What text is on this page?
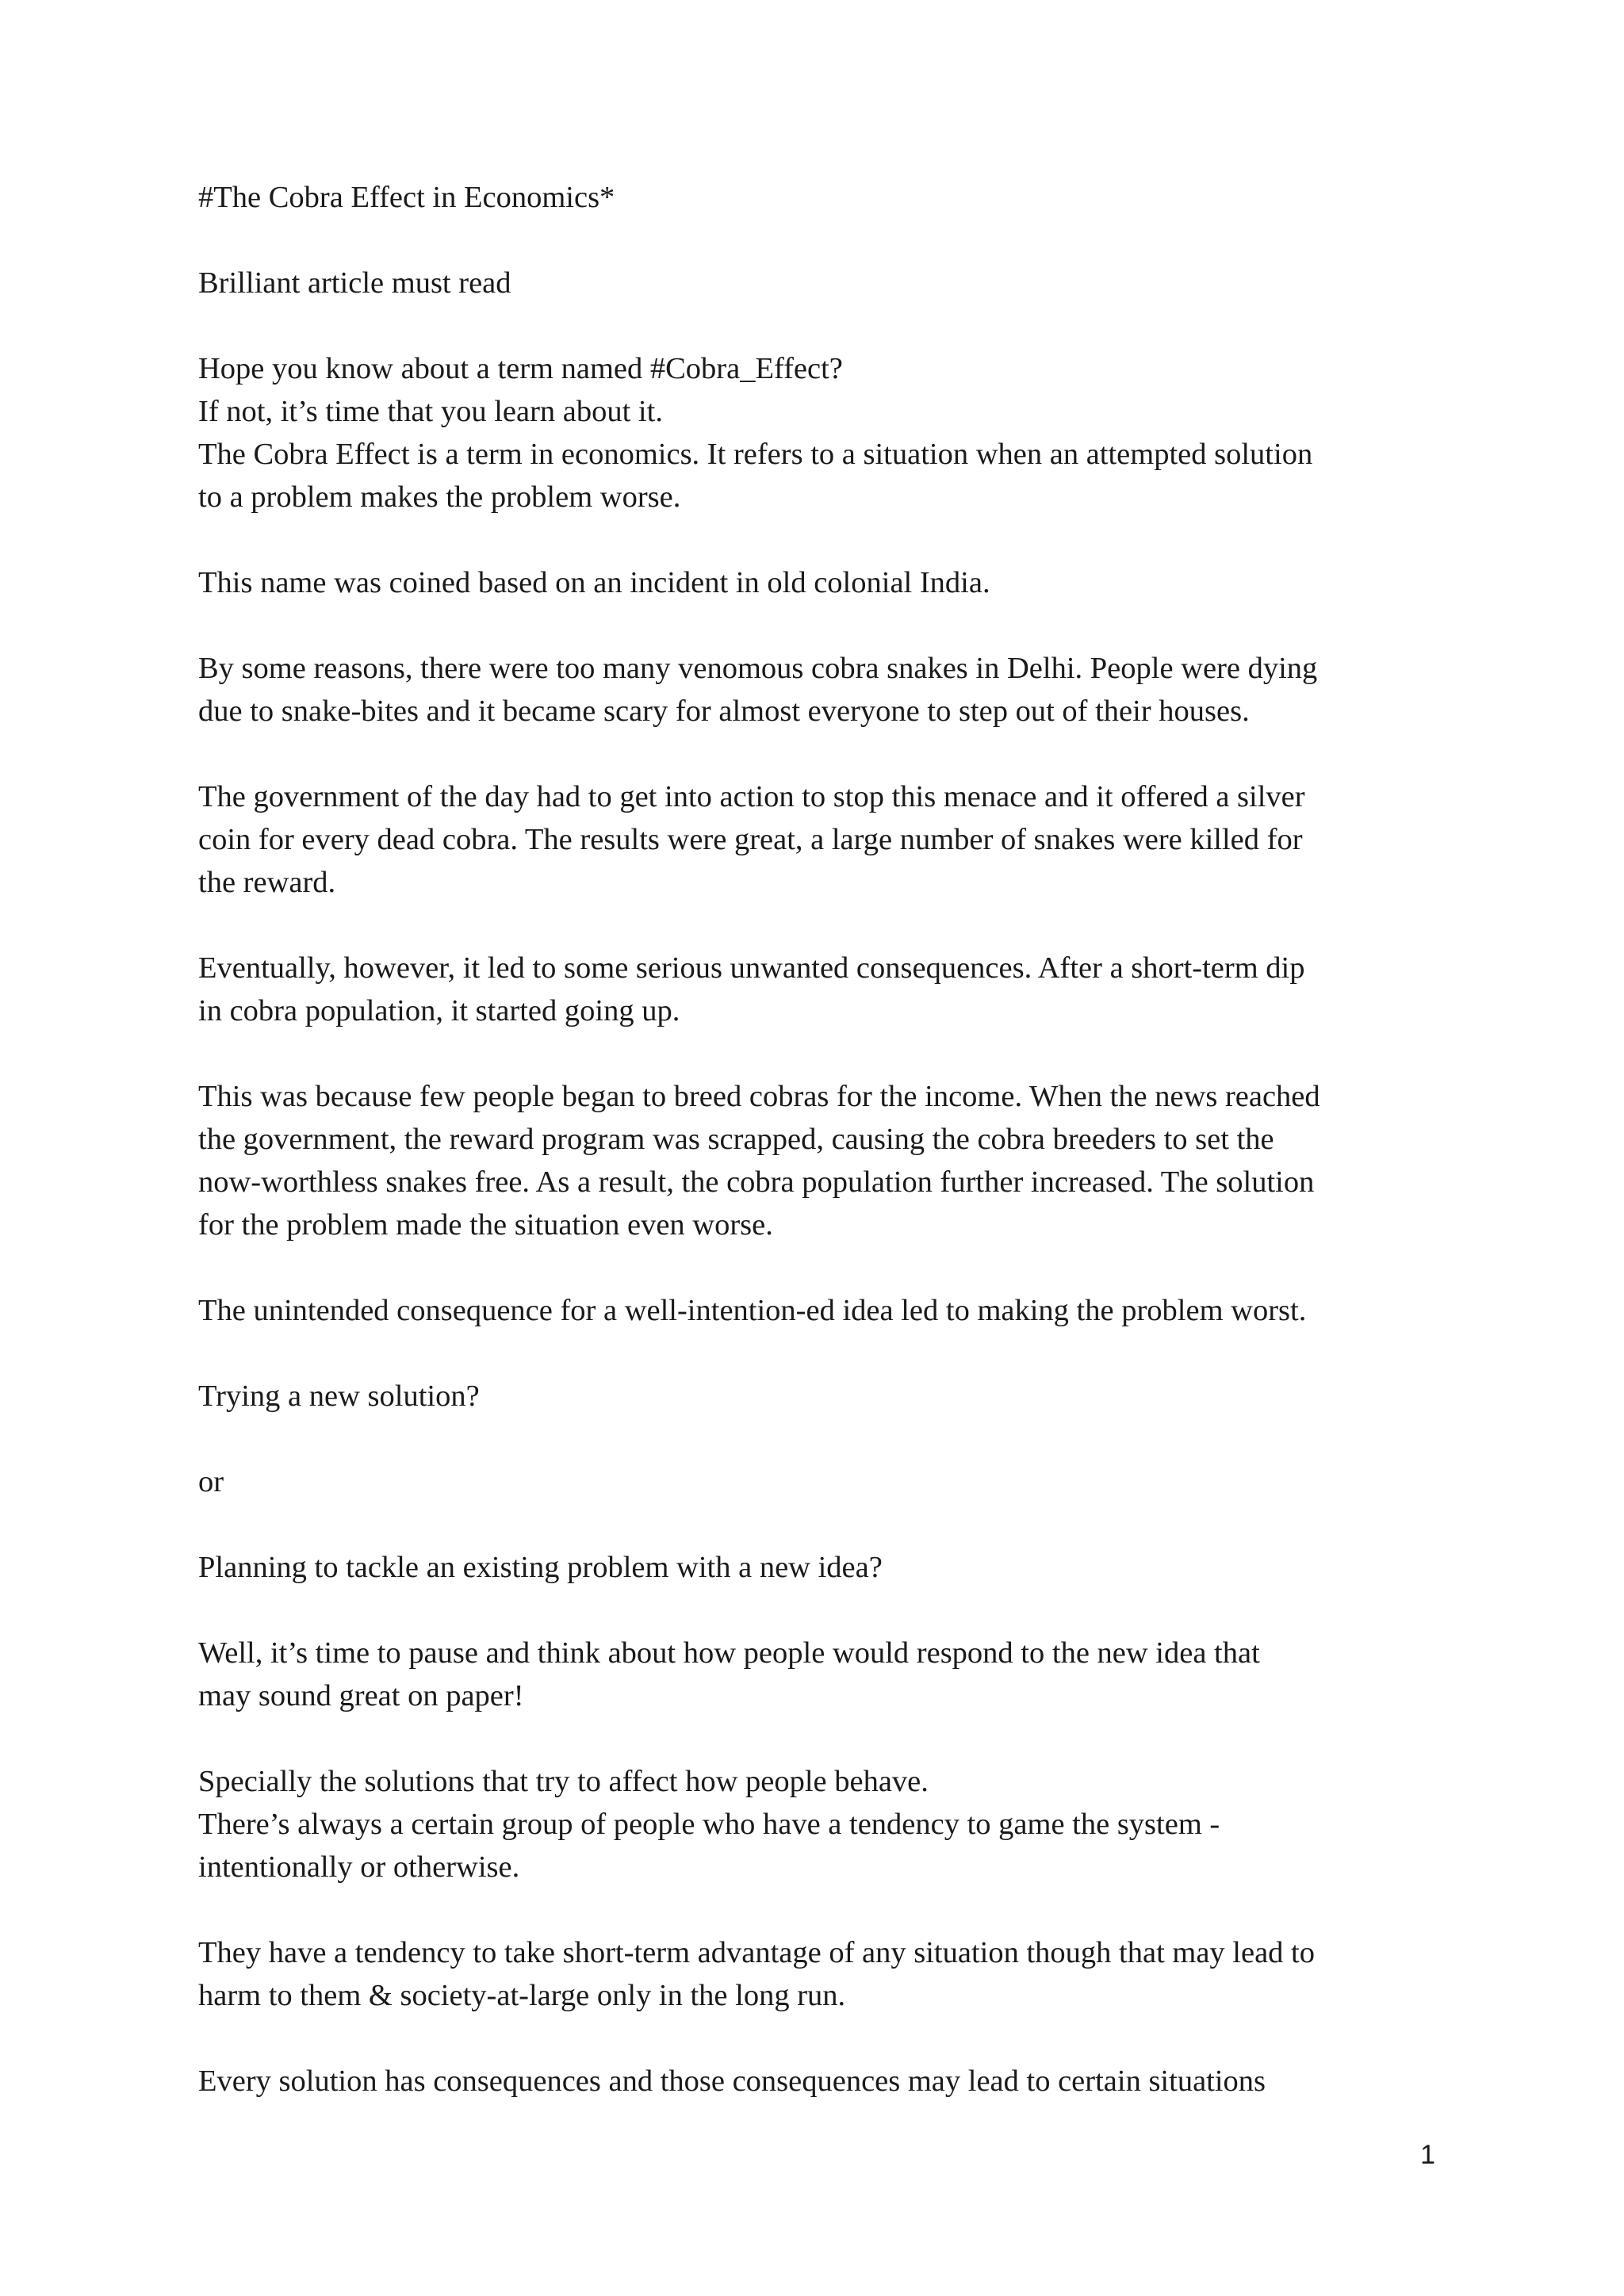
#The Cobra Effect in Economics*

Brilliant article must read

Hope you know about a term named #Cobra_Effect?
If not, it’s time that you learn about it.
The Cobra Effect is a term in economics. It refers to a situation when an attempted solution
to a problem makes the problem worse.

This name was coined based on an incident in old colonial India.

By some reasons, there were too many venomous cobra snakes in Delhi. People were dying
due to snake-bites and it became scary for almost everyone to step out of their houses.

The government of the day had to get into action to stop this menace and it offered a silver
coin for every dead cobra. The results were great, a large number of snakes were killed for
the reward.

Eventually, however, it led to some serious unwanted consequences. After a short-term dip
in cobra population, it started going up.

This was because few people began to breed cobras for the income. When the news reached
the government, the reward program was scrapped, causing the cobra breeders to set the
now-worthless snakes free. As a result, the cobra population further increased. The solution
for the problem made the situation even worse.

The unintended consequence for a well-intention-ed idea led to making the problem worst.

Trying a new solution?

or

Planning to tackle an existing problem with a new idea?

Well, it’s time to pause and think about how people would respond to the new idea that
may sound great on paper!

Specially the solutions that try to affect how people behave.
There’s always a certain group of people who have a tendency to game the system -
intentionally or otherwise.

They have a tendency to take short-term advantage of any situation though that may lead to
harm to them & society-at-large only in the long run.

Every solution has consequences and those consequences may lead to certain situations

1
